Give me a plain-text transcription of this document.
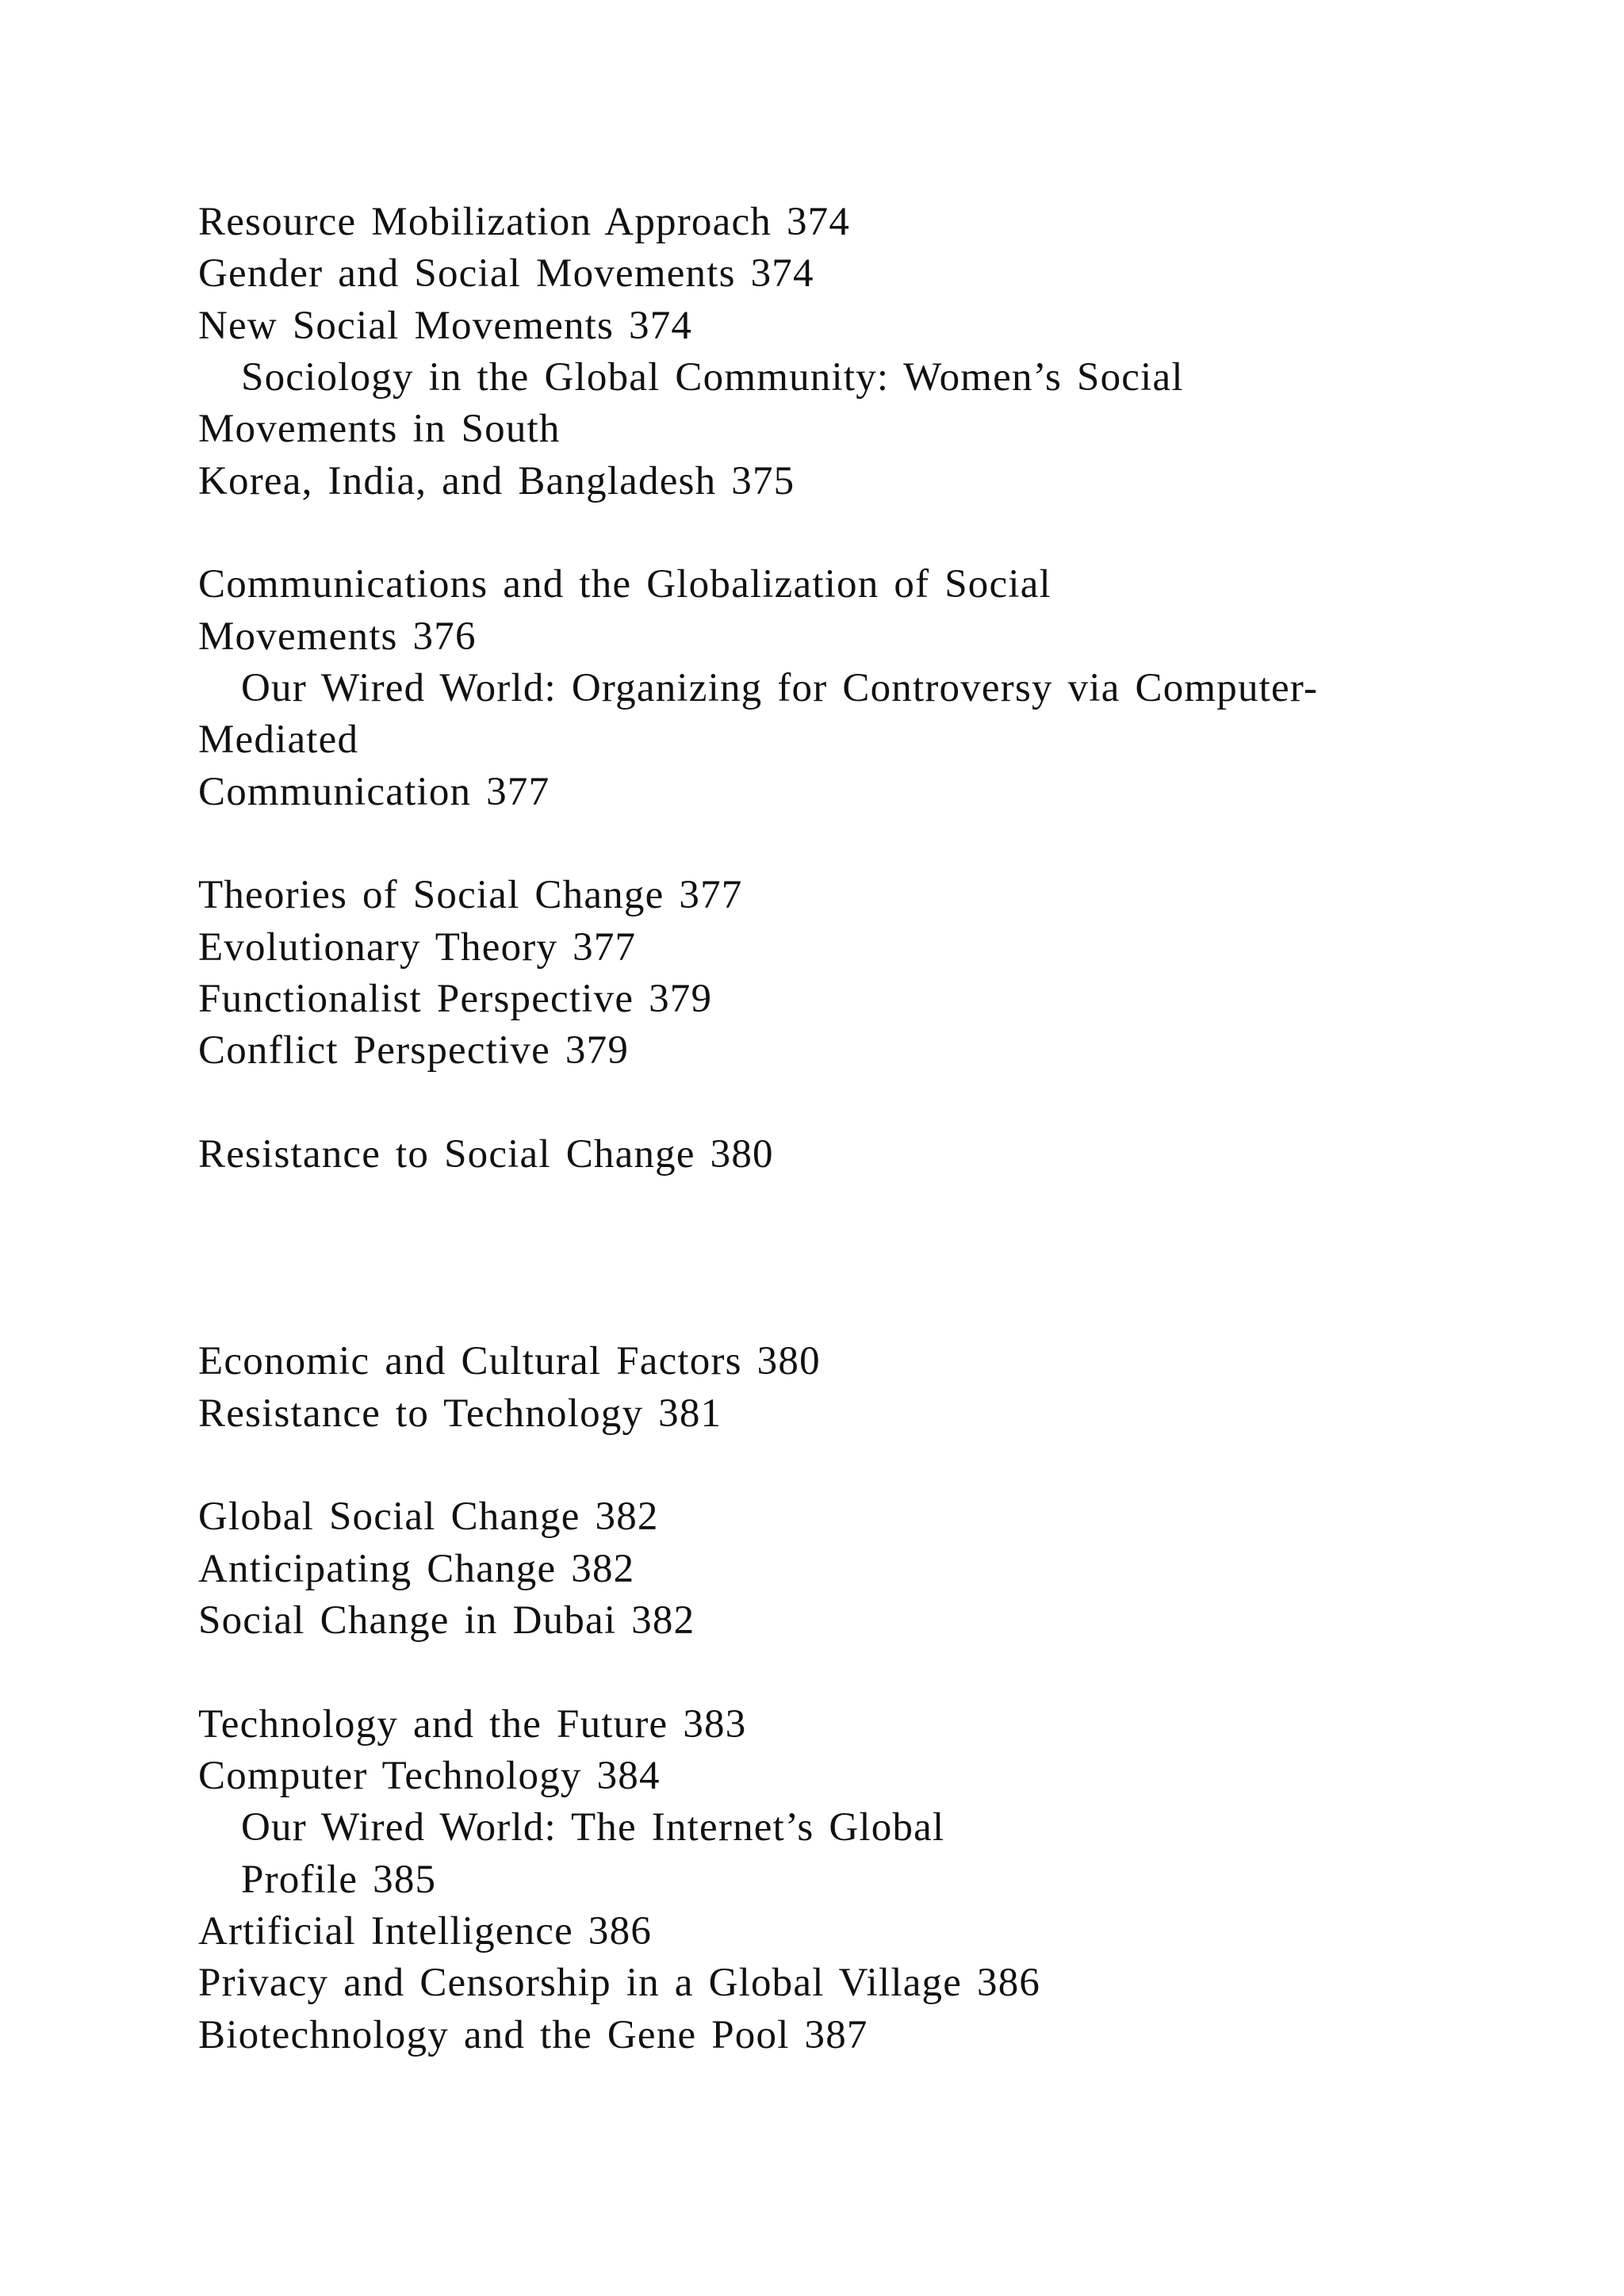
Resource Mobilization Approach 374
Gender and Social Movements 374
New Social Movements 374
Sociology in the Global Community: Women’s Social
Movements in South
Korea, India, and Bangladesh 375
Communications and the Globalization of Social
Movements 376
Our Wired World: Organizing for Controversy via Computer-
Mediated
Communication 377
Theories of Social Change 377
Evolutionary Theory 377
Functionalist Perspective 379
Conflict Perspective 379
Resistance to Social Change 380
Economic and Cultural Factors 380
Resistance to Technology 381
Global Social Change 382
Anticipating Change 382
Social Change in Dubai 382
Technology and the Future 383
Computer Technology 384
Our Wired World: The Internet’s Global
Profile 385
Artificial Intelligence 386
Privacy and Censorship in a Global Village 386
Biotechnology and the Gene Pool 387
